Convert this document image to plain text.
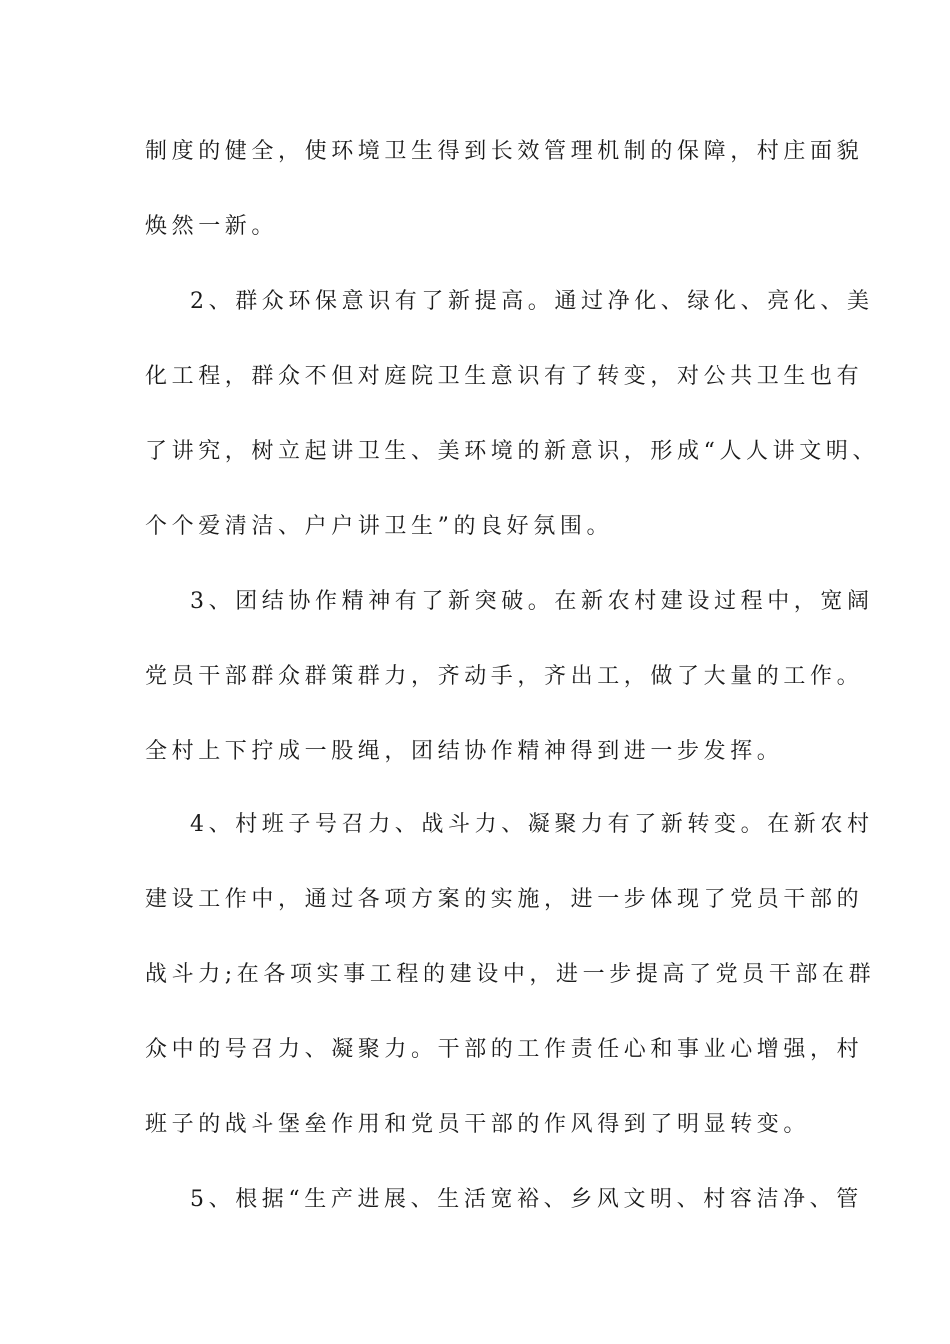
制度的健全，使环境卫生得到长效管理机制的保障，村庄面貌

焕然一新。

2、群众环保意识有了新提高。通过净化、绿化、亮化、美

化工程，群众不但对庭院卫生意识有了转变，对公共卫生也有

了讲究，树立起讲卫生、美环境的新意识，形成“人人讲文明、

个个爱清洁、户户讲卫生”的良好氛围。

3、团结协作精神有了新突破。在新农村建设过程中，宽阔

党员干部群众群策群力，齐动手，齐出工，做了大量的工作。

全村上下拧成一股绳，团结协作精神得到进一步发挥。

4、村班子号召力、战斗力、凝聚力有了新转变。在新农村

建设工作中，通过各项方案的实施，进一步体现了党员干部的

战斗力;在各项实事工程的建设中，进一步提高了党员干部在群

众中的号召力、凝聚力。干部的工作责任心和事业心增强，村

班子的战斗堡垒作用和党员干部的作风得到了明显转变。

5、根据“生产进展、生活宽裕、乡风文明、村容洁净、管
